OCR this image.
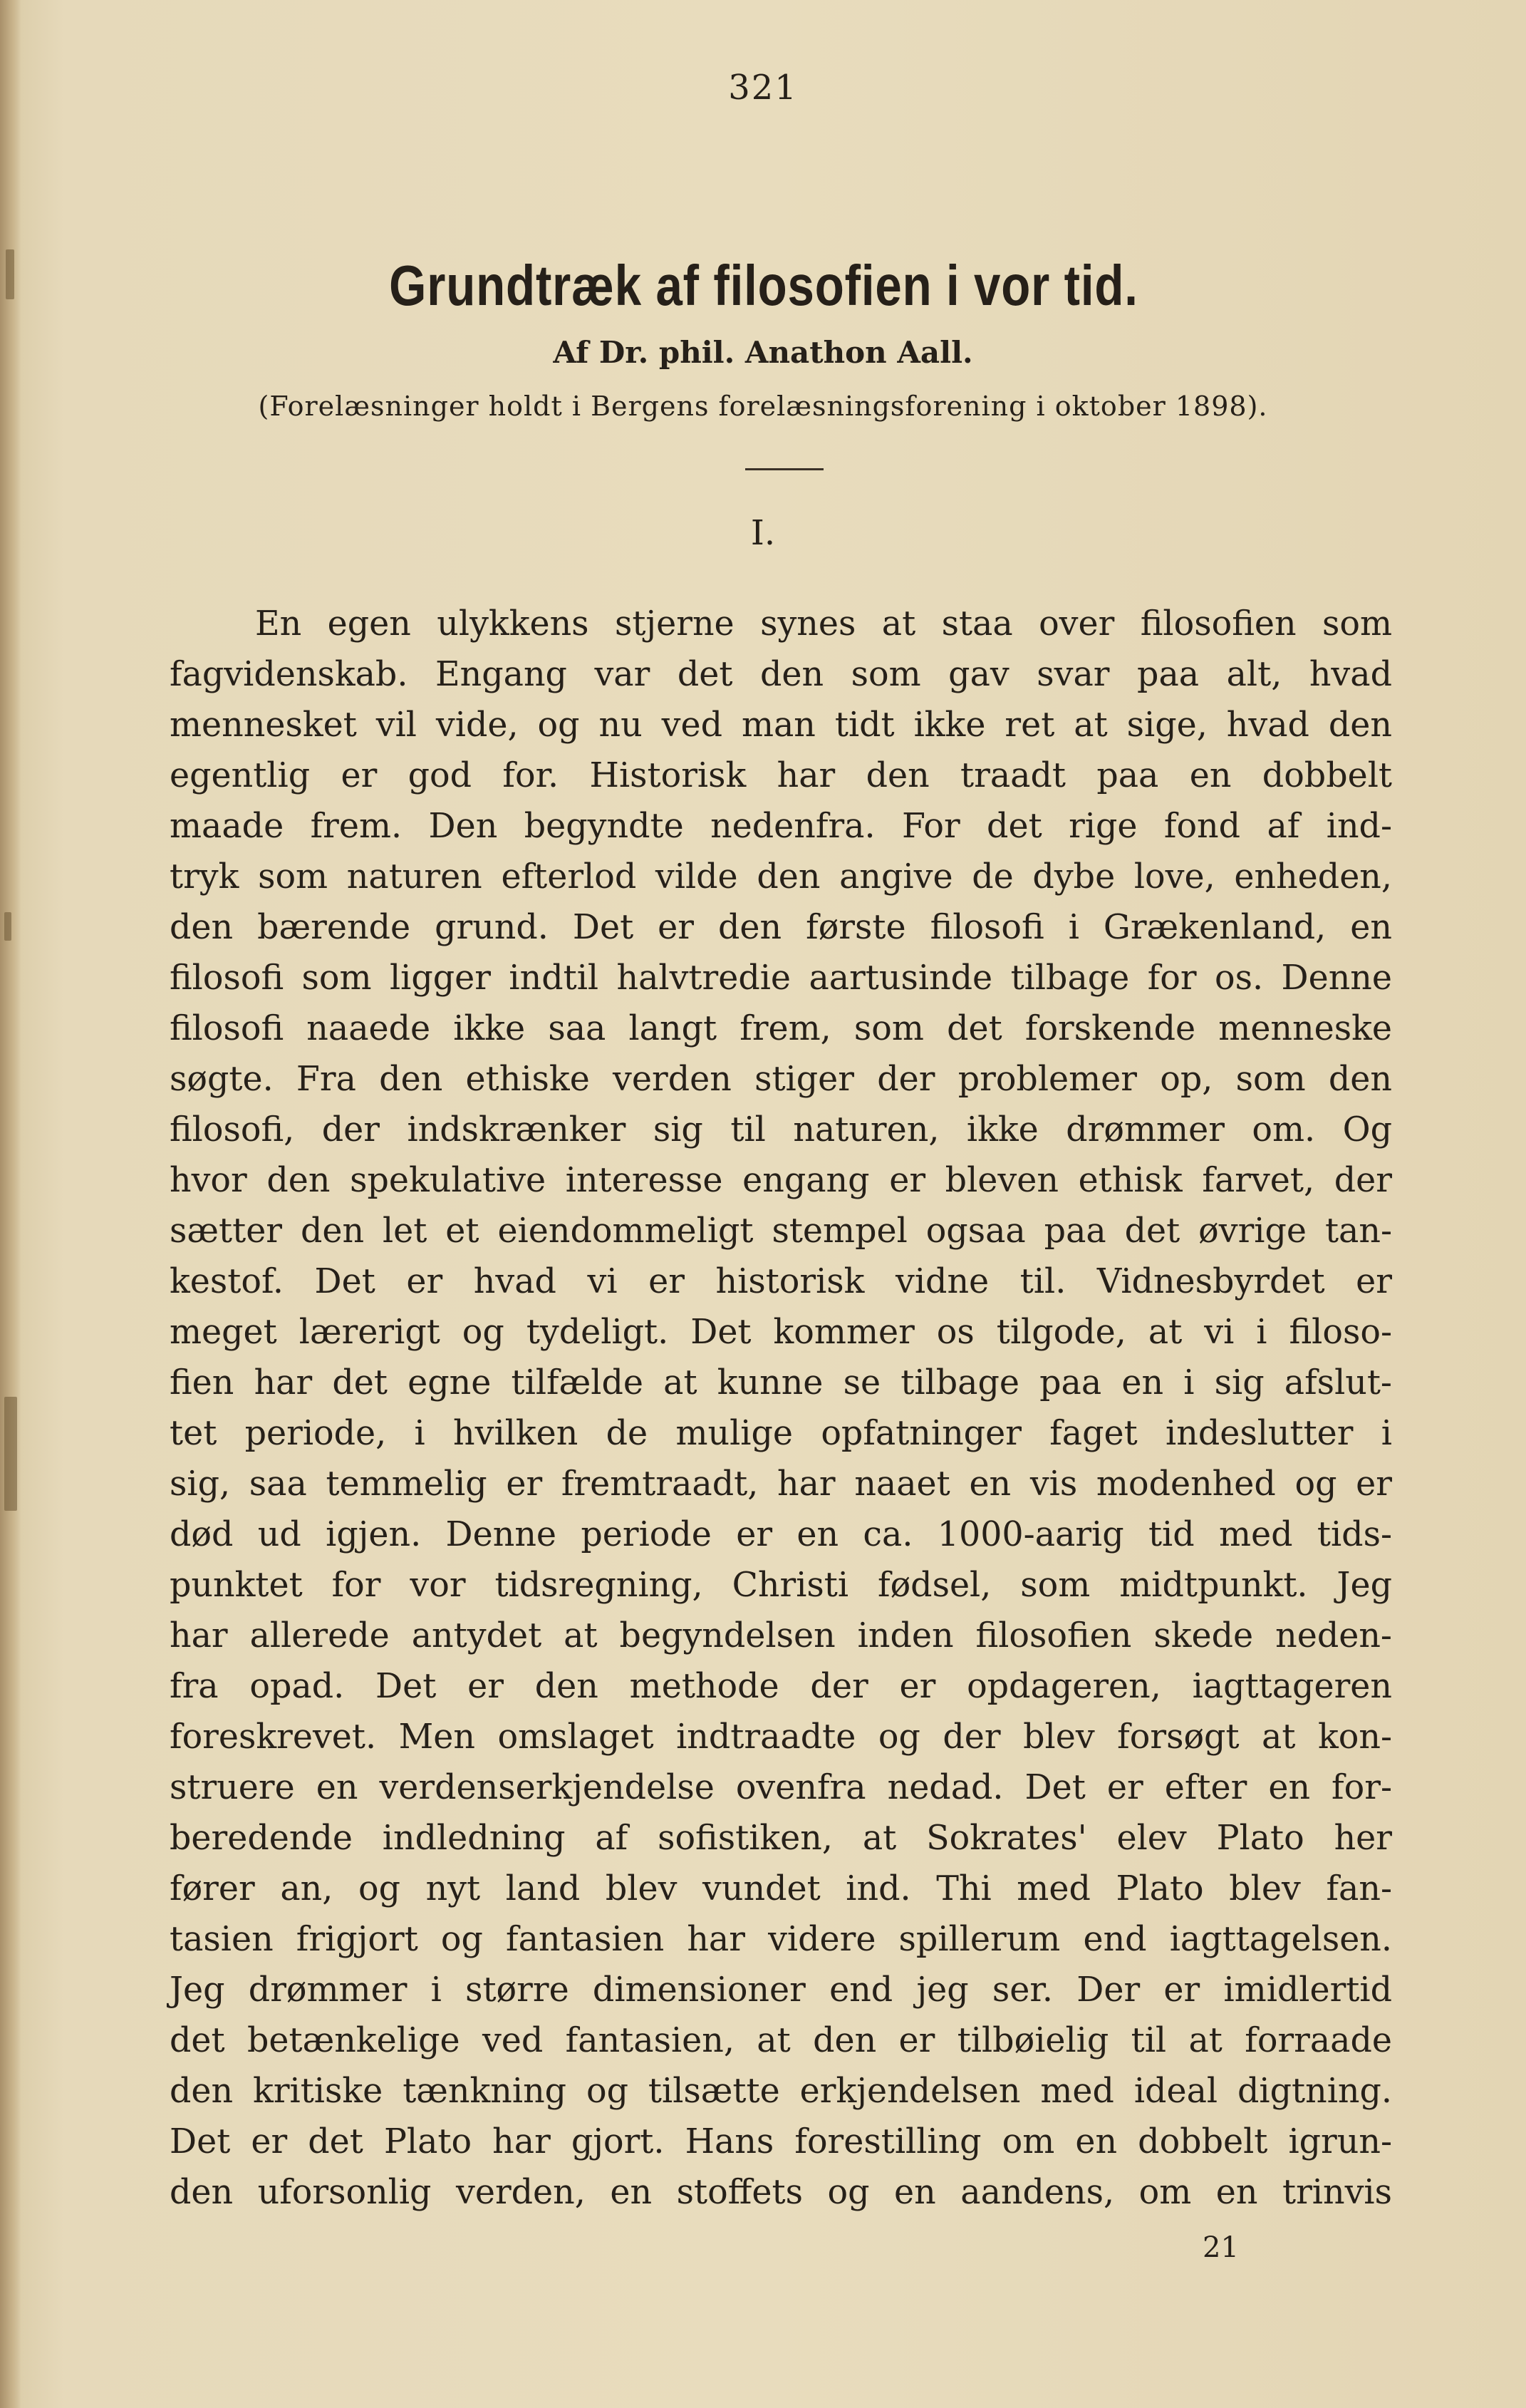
321
Grundtræk af filosofien i vor tid.
Af Dr. phil. Anathon Aall.
(Forelæsninger holdt i Bergens forelæsningsforening i oktober 1898).
I.
En egen ulykkens stjerne synes at staa over filosofien som
fagvidenskab. Engang var det den som gav svar paa alt, hvad
mennesket vil vide, og nu ved man tidt ikke ret at sige, hvad den
egentlig er god for. Historisk har den traadt paa en dobbelt
maade frem. Den begyndte nedenfra. For det rige fond af ind-
tryk som naturen efterlod vilde den angive de dybe love, enheden,
den bærende grund. Det er den første filosofi i Grækenland, en
filosofi som ligger indtil halvtredie aartusinde tilbage for os. Denne
filosofi naaede ikke saa langt frem, som det forskende menneske
søgte. Fra den ethiske verden stiger der problemer op, som den
filosofi, der indskrænker sig til naturen, ikke drømmer om. Og
hvor den spekulative interesse engang er bleven ethisk farvet, der
sætter den let et eiendommeligt stempel ogsaa paa det øvrige tan-
kestof. Det er hvad vi er historisk vidne til. Vidnesbyrdet er
meget lærerigt og tydeligt. Det kommer os tilgode, at vi i filoso-
fien har det egne tilfælde at kunne se tilbage paa en i sig afslut-
tet periode, i hvilken de mulige opfatninger faget indeslutter i
sig, saa temmelig er fremtraadt, har naaet en vis modenhed og er
død ud igjen. Denne periode er en ca. 1000-aarig tid med tids-
punktet for vor tidsregning, Christi fødsel, som midtpunkt. Jeg
har allerede antydet at begyndelsen inden filosofien skede neden-
fra opad. Det er den methode der er opdageren, iagttageren
foreskrevet. Men omslaget indtraadte og der blev forsøgt at kon-
struere en verdenserkjendelse ovenfra nedad. Det er efter en for-
beredende indledning af sofistiken, at Sokrates' elev Plato her
fører an, og nyt land blev vundet ind. Thi med Plato blev fan-
tasien frigjort og fantasien har videre spillerum end iagttagelsen.
Jeg drømmer i større dimensioner end jeg ser. Der er imidlertid
det betænkelige ved fantasien, at den er tilbøielig til at forraade
den kritiske tænkning og tilsætte erkjendelsen med ideal digtning.
Det er det Plato har gjort. Hans forestilling om en dobbelt igrun-
den uforsonlig verden, en stoffets og en aandens, om en trinvis
21
